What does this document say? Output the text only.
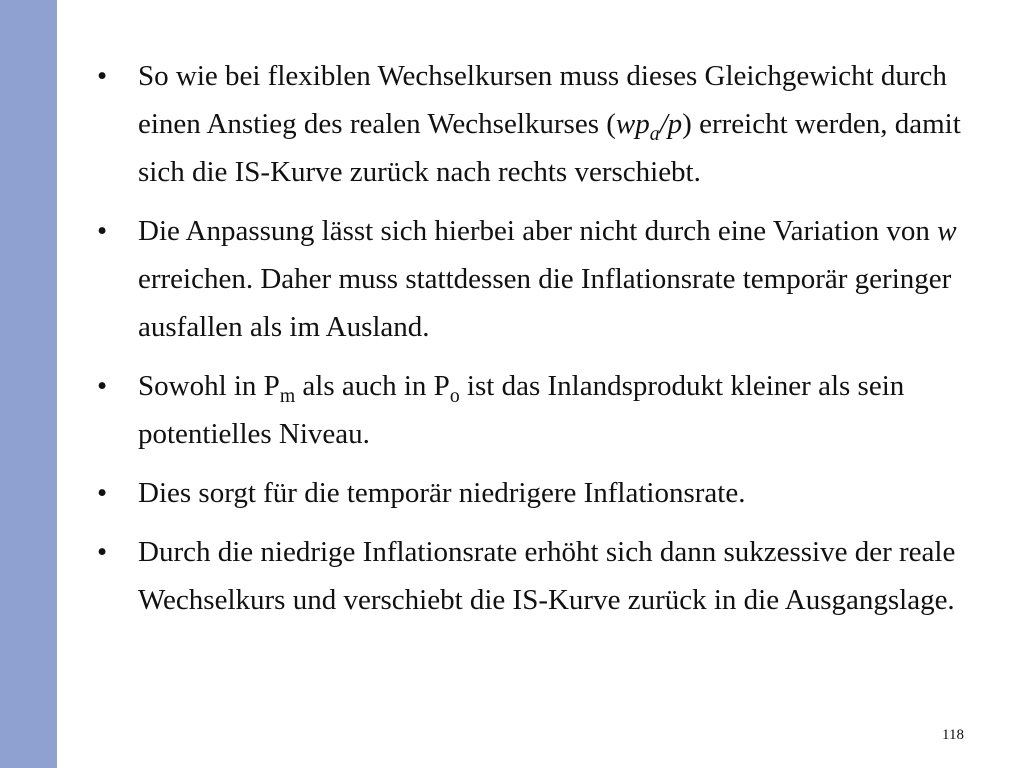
• So wie bei flexiblen Wechselkursen muss dieses Gleichgewicht durch einen Anstieg des realen Wechselkurses $(wp_a/p)$ erreicht werden, damit sich die IS-Kurve zurück nach rechts verschiebt.
• Die Anpassung lässt sich hierbei aber nicht durch eine Variation von w erreichen. Daher muss stattdessen die Inflationsrate temporär geringer ausfallen als im Ausland.
• Sowohl in $P_m$ als auch in $P_o$ ist das Inlandsprodukt kleiner als sein potentielles Niveau.
• Dies sorgt für die temporär niedrigere Inflationsrate.
• Durch die niedrige Inflationsrate erhöht sich dann sukzessive der reale Wechselkurs und verschiebt die IS-Kurve zurück in die Ausgangslage.
118
